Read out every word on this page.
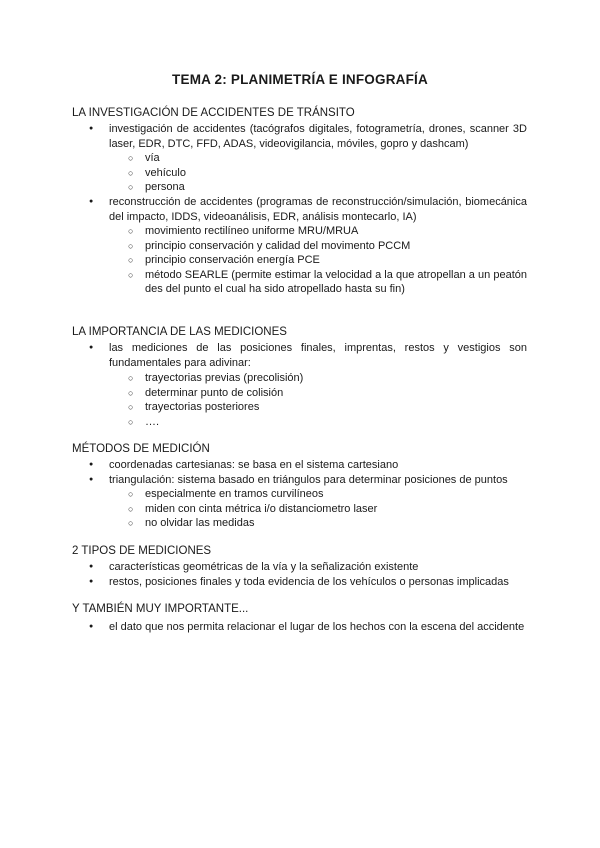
TEMA 2: PLANIMETRÍA E INFOGRAFÍA
LA INVESTIGACIÓN DE ACCIDENTES DE TRÁNSITO
● investigación de accidentes (tacógrafos digitales, fotogrametría, drones, scanner 3D laser, EDR, DTC, FFD, ADAS, videovigilancia, móviles, gopro y dashcam)
○ vía
○ vehículo
○ persona
● reconstrucción de accidentes (programas de reconstrucción/simulación, biomecánica del impacto, IDDS, videoanálisis, EDR, análisis montecarlo, IA)
○ movimiento rectilíneo uniforme MRU/MRUA
○ principio conservación y calidad del movimento PCCM
○ principio conservación energía PCE
○ método SEARLE (permite estimar la velocidad a la que atropellan a un peatón des del punto el cual ha sido atropellado hasta su fin)
LA IMPORTANCIA DE LAS MEDICIONES
● las mediciones de las posiciones finales, imprentas, restos y vestigios son fundamentales para adivinar:
○ trayectorias previas (precolisión)
○ determinar punto de colisión
○ trayectorias posteriores
○ ….
MÉTODOS DE MEDICIÓN
● coordenadas cartesianas: se basa en el sistema cartesiano
● triangulación: sistema basado en triángulos para determinar posiciones de puntos
○ especialmente en tramos curvilíneos
○ miden con cinta métrica i/o distanciometro laser
○ no olvidar las medidas
2 TIPOS DE MEDICIONES
● características geométricas de la vía y la señalización existente
● restos, posiciones finales y toda evidencia de los vehículos o personas implicadas
Y TAMBIÉN MUY IMPORTANTE...
● el dato que nos permita relacionar el lugar de los hechos con la escena del accidente
